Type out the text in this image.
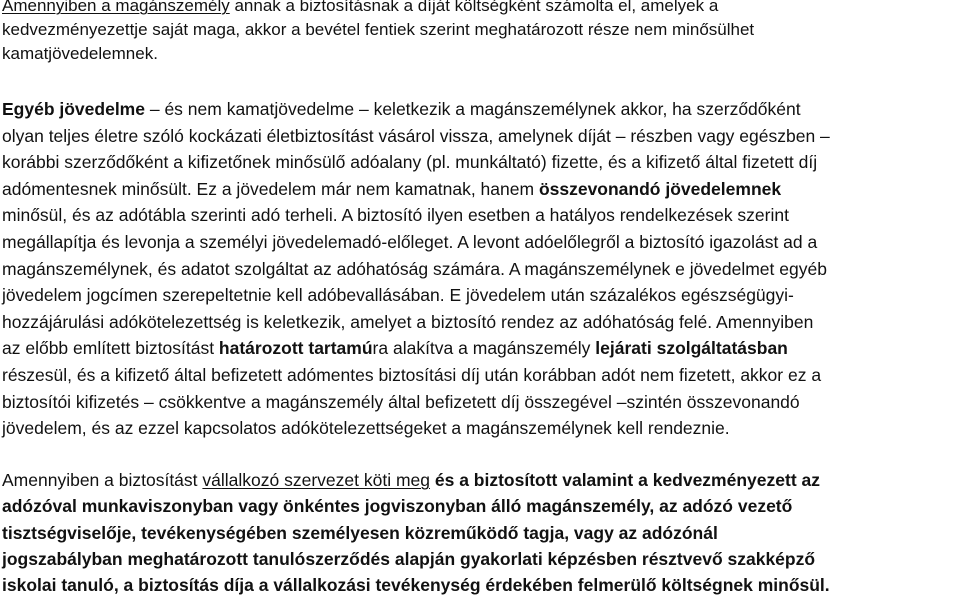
Amennyiben a magánszemély annak a biztosításnak a díját költségként számolta el, amelyek a
kedvezményezettje saját maga, akkor a bevétel fentiek szerint meghatározott része nem minősülhet
kamatjövedelemnek.

Egyéb jövedelme – és nem kamatjövedelme – keletkezik a magánszemélynek akkor, ha szerződőként
olyan teljes életre szóló kockázati életbiztosítást vásárol vissza, amelynek díját – részben vagy egészben –
korábbi szerződőként a kifizetőnek minősülő adóalany (pl. munkáltató) fizette, és a kifizető által fizetett díj
adómentesnek minősült. Ez a jövedelem már nem kamatnak, hanem összevonandó jövedelemnek
minősül, és az adótábla szerinti adó terheli. A biztosító ilyen esetben a hatályos rendelkezések szerint
megállapítja és levonja a személyi jövedelemadó-előleget. A levont adóelőlegről a biztosító igazolást ad a
magánszemélynek, és adatot szolgáltat az adóhatóság számára. A magánszemélynek e jövedelmet egyéb
jövedelem jogcímen szerepeltetnie kell adóbevallásában. E jövedelem után százalékos egészségügyi-
hozzájárulási adókötelezettség is keletkezik, amelyet a biztosító rendez az adóhatóság felé. Amennyiben
az előbb említett biztosítást határozott tartamúra alakítva a magánszemély lejárati szolgáltatásban
részesül, és a kifizető által befizetett adómentes biztosítási díj után korábban adót nem fizetett, akkor ez a
biztosítói kifizetés – csökkentve a magánszemély által befizetett díj összegével –szintén összevonandó
jövedelem, és az ezzel kapcsolatos adókötelezettségeket a magánszemélynek kell rendeznie.

Amennyiben a biztosítást vállalkozó szervezet köti meg és a biztosított valamint a kedvezményezett az
adózóval munkaviszonyban vagy önkéntes jogviszonyban álló magánszemély, az adózó vezető
tisztségviselője, tevékenységében személyesen közreműködő tagja, vagy az adózónál
jogszabályban meghatározott tanulószerződés alapján gyakorlati képzésben résztvevő szakképző
iskolai tanuló, a biztosítás díja a vállalkozási tevékenység érdekében felmerülő költségnek minősül.
